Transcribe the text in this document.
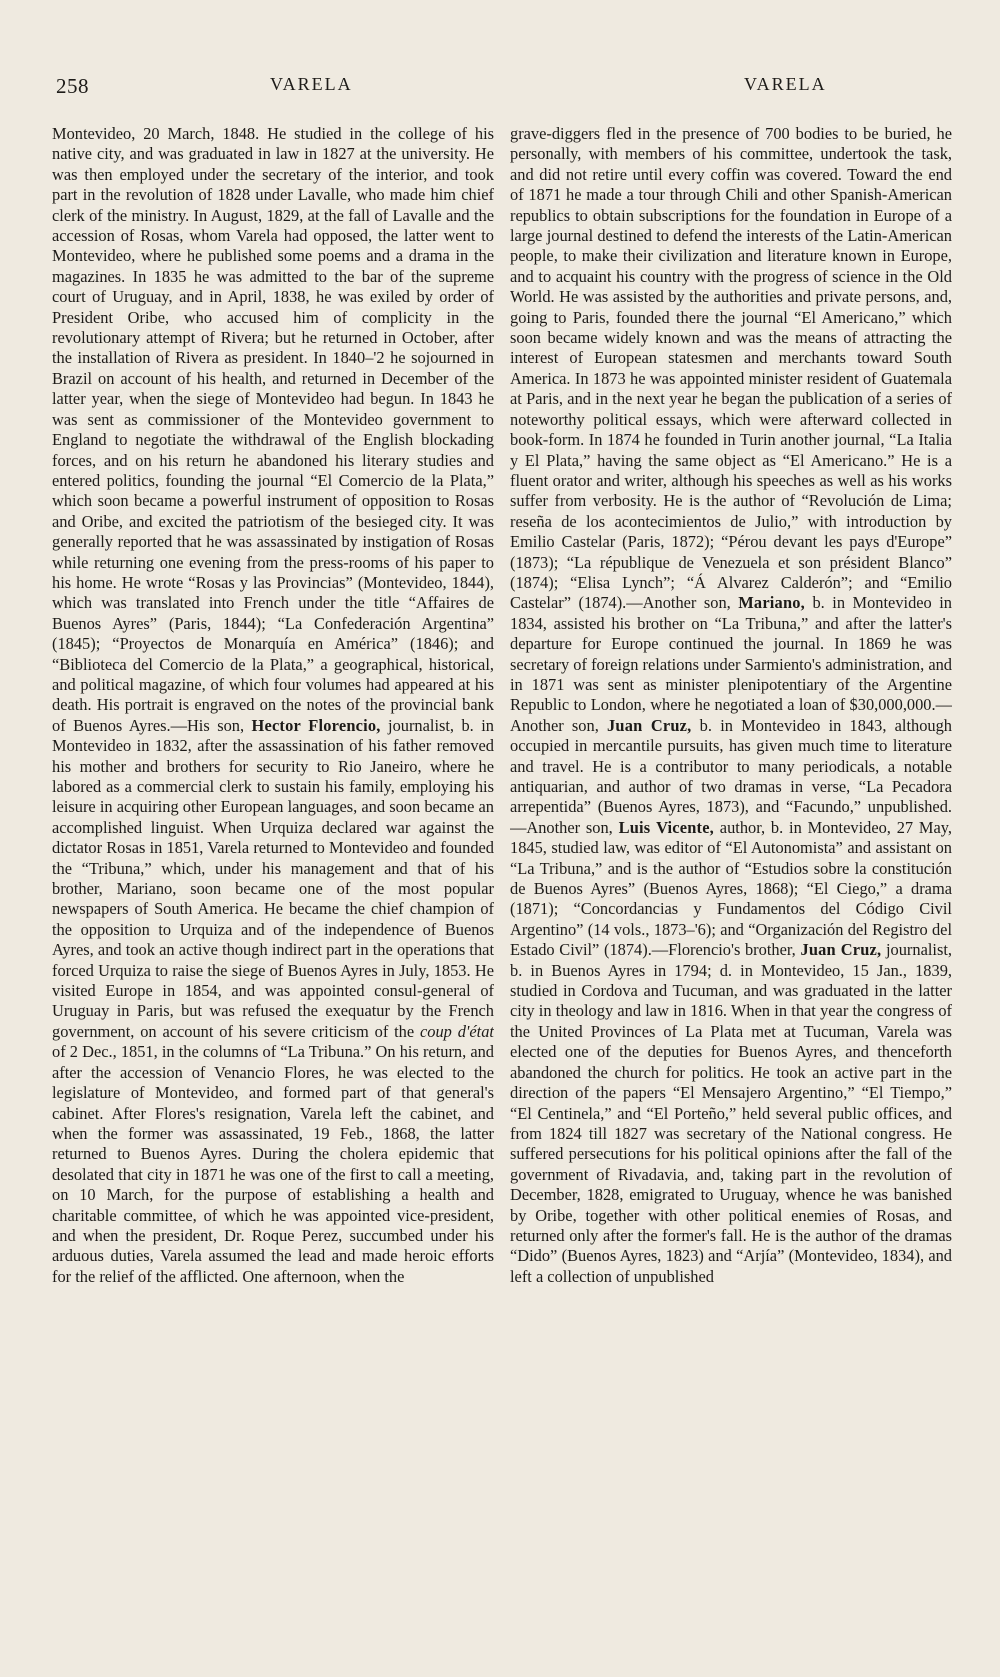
258	VARELA	VARELA

Montevideo, 20 March, 1848. He studied in the college of his native city, and was graduated in law in 1827 at the university. He was then employed under the secretary of the interior, and took part in the revolution of 1828 under Lavalle, who made him chief clerk of the ministry. In August, 1829, at the fall of Lavalle and the accession of Rosas, whom Varela had opposed, the latter went to Montevideo, where he published some poems and a drama in the magazines. In 1835 he was admitted to the bar of the supreme court of Uruguay, and in April, 1838, he was exiled by order of President Oribe, who accused him of complicity in the revolutionary attempt of Rivera; but he returned in October, after the installation of Rivera as president. In 1840–'2 he sojourned in Brazil on account of his health, and returned in December of the latter year, when the siege of Montevideo had begun. In 1843 he was sent as commissioner of the Montevideo government to England to negotiate the withdrawal of the English blockading forces, and on his return he abandoned his literary studies and entered politics, founding the journal “El Comercio de la Plata,” which soon became a powerful instrument of opposition to Rosas and Oribe, and excited the patriotism of the besieged city. It was generally reported that he was assassinated by instigation of Rosas while returning one evening from the press-rooms of his paper to his home. He wrote “Rosas y las Provincias” (Montevideo, 1844), which was translated into French under the title “Affaires de Buenos Ayres” (Paris, 1844); “La Confederación Argentina” (1845); “Proyectos de Monarquía en América” (1846); and “Biblioteca del Comercio de la Plata,” a geographical, historical, and political magazine, of which four volumes had appeared at his death. His portrait is engraved on the notes of the provincial bank of Buenos Ayres.—His son, Hector Florencio, journalist, b. in Montevideo in 1832, after the assassination of his father removed his mother and brothers for security to Rio Janeiro, where he labored as a commercial clerk to sustain his family, employing his leisure in acquiring other European languages, and soon became an accomplished linguist. When Urquiza declared war against the dictator Rosas in 1851, Varela returned to Montevideo and founded the “Tribuna,” which, under his management and that of his brother, Mariano, soon became one of the most popular newspapers of South America. He became the chief champion of the opposition to Urquiza and of the independence of Buenos Ayres, and took an active though indirect part in the operations that forced Urquiza to raise the siege of Buenos Ayres in July, 1853. He visited Europe in 1854, and was appointed consul-general of Uruguay in Paris, but was refused the exequatur by the French government, on account of his severe criticism of the coup d'état of 2 Dec., 1851, in the columns of “La Tribuna.” On his return, and after the accession of Venancio Flores, he was elected to the legislature of Montevideo, and formed part of that general's cabinet. After Flores's resignation, Varela left the cabinet, and when the former was assassinated, 19 Feb., 1868, the latter returned to Buenos Ayres. During the cholera epidemic that desolated that city in 1871 he was one of the first to call a meeting, on 10 March, for the purpose of establishing a health and charitable committee, of which he was appointed vice-president, and when the president, Dr. Roque Perez, succumbed under his arduous duties, Varela assumed the lead and made heroic efforts for the relief of the afflicted. One afternoon, when the

grave-diggers fled in the presence of 700 bodies to be buried, he personally, with members of his committee, undertook the task, and did not retire until every coffin was covered. Toward the end of 1871 he made a tour through Chili and other Spanish-American republics to obtain subscriptions for the foundation in Europe of a large journal destined to defend the interests of the Latin-American people, to make their civilization and literature known in Europe, and to acquaint his country with the progress of science in the Old World. He was assisted by the authorities and private persons, and, going to Paris, founded there the journal “El Americano,” which soon became widely known and was the means of attracting the interest of European statesmen and merchants toward South America. In 1873 he was appointed minister resident of Guatemala at Paris, and in the next year he began the publication of a series of noteworthy political essays, which were afterward collected in book-form. In 1874 he founded in Turin another journal, “La Italia y El Plata,” having the same object as “El Americano.” He is a fluent orator and writer, although his speeches as well as his works suffer from verbosity. He is the author of “Revolución de Lima; reseña de los acontecimientos de Julio,” with introduction by Emilio Castelar (Paris, 1872); “Pérou devant les pays d'Europe” (1873); “La république de Venezuela et son président Blanco” (1874); “Elisa Lynch”; “Á Alvarez Calderón”; and “Emilio Castelar” (1874).—Another son, Mariano, b. in Montevideo in 1834, assisted his brother on “La Tribuna,” and after the latter's departure for Europe continued the journal. In 1869 he was secretary of foreign relations under Sarmiento's administration, and in 1871 was sent as minister plenipotentiary of the Argentine Republic to London, where he negotiated a loan of $30,000,000.—Another son, Juan Cruz, b. in Montevideo in 1843, although occupied in mercantile pursuits, has given much time to literature and travel. He is a contributor to many periodicals, a notable antiquarian, and author of two dramas in verse, “La Pecadora arrepentida” (Buenos Ayres, 1873), and “Facundo,” unpublished.—Another son, Luis Vicente, author, b. in Montevideo, 27 May, 1845, studied law, was editor of “El Autonomista” and assistant on “La Tribuna,” and is the author of “Estudios sobre la constitución de Buenos Ayres” (Buenos Ayres, 1868); “El Ciego,” a drama (1871); “Concordancias y Fundamentos del Código Civil Argentino” (14 vols., 1873–'6); and “Organización del Registro del Estado Civil” (1874).—Florencio's brother, Juan Cruz, journalist, b. in Buenos Ayres in 1794; d. in Montevideo, 15 Jan., 1839, studied in Cordova and Tucuman, and was graduated in the latter city in theology and law in 1816. When in that year the congress of the United Provinces of La Plata met at Tucuman, Varela was elected one of the deputies for Buenos Ayres, and thenceforth abandoned the church for politics. He took an active part in the direction of the papers “El Mensajero Argentino,” “El Tiempo,” “El Centinela,” and “El Porteño,” held several public offices, and from 1824 till 1827 was secretary of the National congress. He suffered persecutions for his political opinions after the fall of the government of Rivadavia, and, taking part in the revolution of December, 1828, emigrated to Uruguay, whence he was banished by Oribe, together with other political enemies of Rosas, and returned only after the former's fall. He is the author of the dramas “Dido” (Buenos Ayres, 1823) and “Arjía” (Montevideo, 1834), and left a collection of unpublished
